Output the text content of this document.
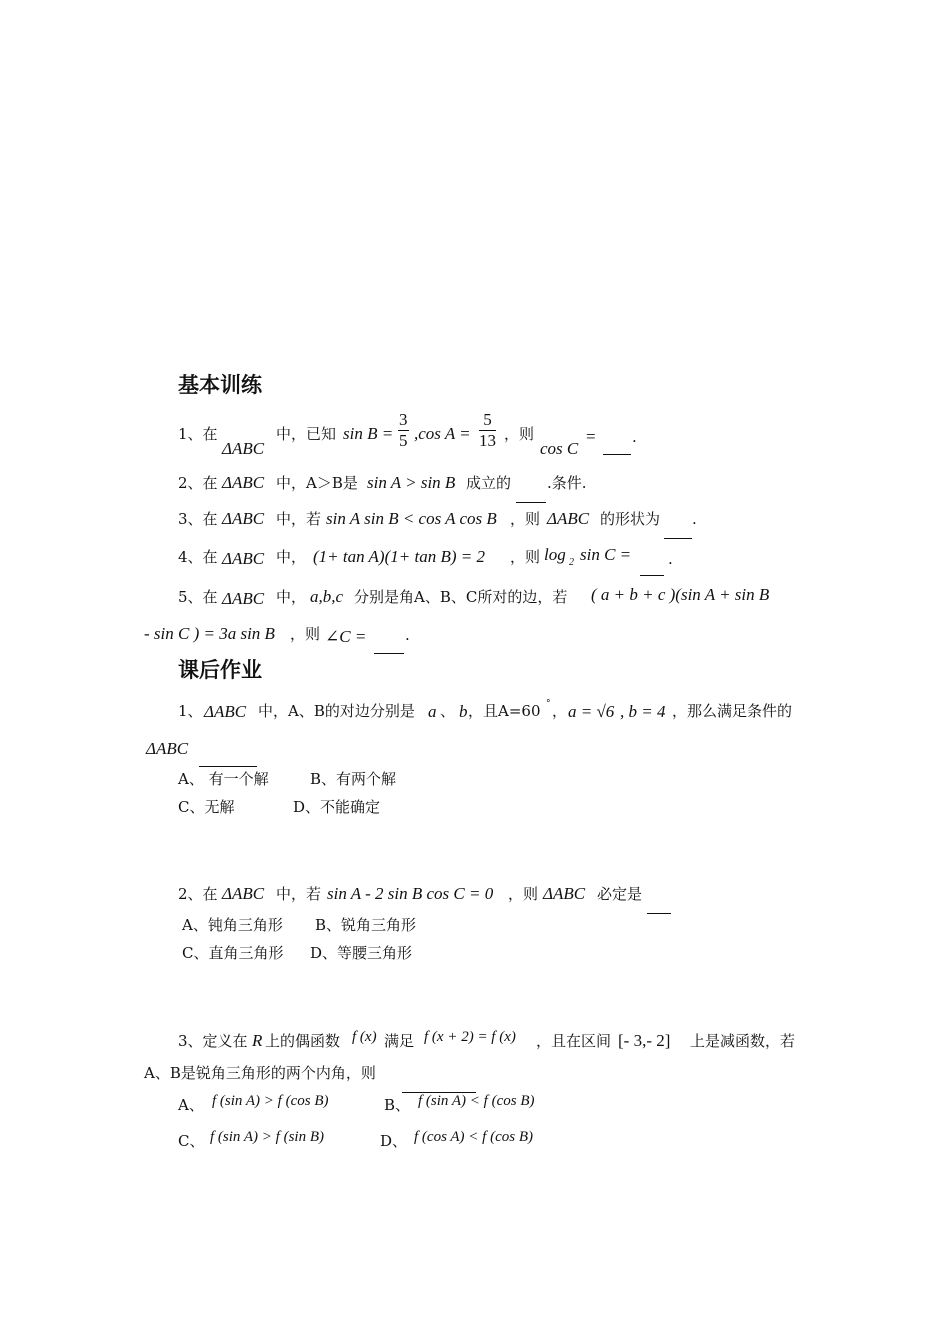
基本训练
1、在
ΔABC
中，已知 $\sin B = \frac{3}{5} ,\cos$ $A = \frac{5}{13}$ ，则
cos C
= .
2、在 ΔABC 中，A＞B是 sin A > sin B 成立的 .条件.
3、在 ΔABC 中，若 sin A sin B < cos A cos B ，则 ΔABC 的形状为 .
4、在 ΔABC 中， (1+ tan A)(1+ tan B) = 2 ，则 log 2 sin C = .
5、在 ΔABC 中， a,b,c 分别是角A、B、C所对的边，若 ( a + b + c )(sin A + sin B
- sin C ) = 3a sin B ，则 ∠C =	.
课后作业
1、 ΔABC 中，A、B的对边分别是 a 、 b ，且A=60 ° ， a = √6 , b = 4 ，那么满足条件的
ΔABC
A、 有一个解	B、有两个解
C、无解	D、不能确定
2、在 ΔABC 中，若 sin A - 2 sin B cos C = 0 ，则 ΔABC 必定是
A、钝角三角形 B、锐角三角形
C、直角三角形 D、等腰三角形
3、定义在 R 上的偶函数 f (x) 满足 f (x + 2) = f (x) ，且在区间 [- 3,- 2] 上是减函数，若
A、B是锐角三角形的两个内角，则
A、 f (sin A) > f (cos B)	B、 f (sin A) < f (cos B)
C、 f (sin A) > f (sin B)	D、 f (cos A) < f (cos B)
